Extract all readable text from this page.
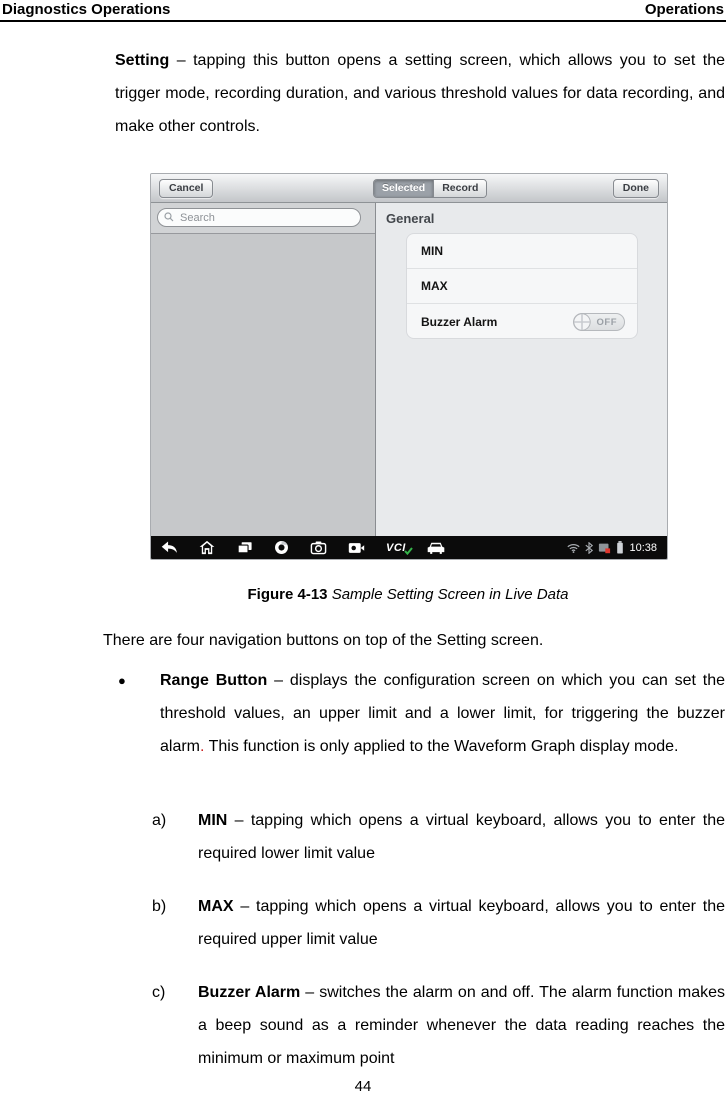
Diagnostics Operations	Operations

Setting – tapping this button opens a setting screen, which allows you to set the trigger mode, recording duration, and various threshold values for data recording, and make other controls.

Cancel	Selected	Record	Done
Search
General
MIN
MAX
Buzzer Alarm	OFF
VCI	10:38

Figure 4-13 Sample Setting Screen in Live Data

There are four navigation buttons on top of the Setting screen.

●	Range Button – displays the configuration screen on which you can set the threshold values, an upper limit and a lower limit, for triggering the buzzer alarm. This function is only applied to the Waveform Graph display mode.
a)	MIN – tapping which opens a virtual keyboard, allows you to enter the required lower limit value
b)	MAX – tapping which opens a virtual keyboard, allows you to enter the required upper limit value
c)	Buzzer Alarm – switches the alarm on and off. The alarm function makes a beep sound as a reminder whenever the data reading reaches the minimum or maximum point
44
